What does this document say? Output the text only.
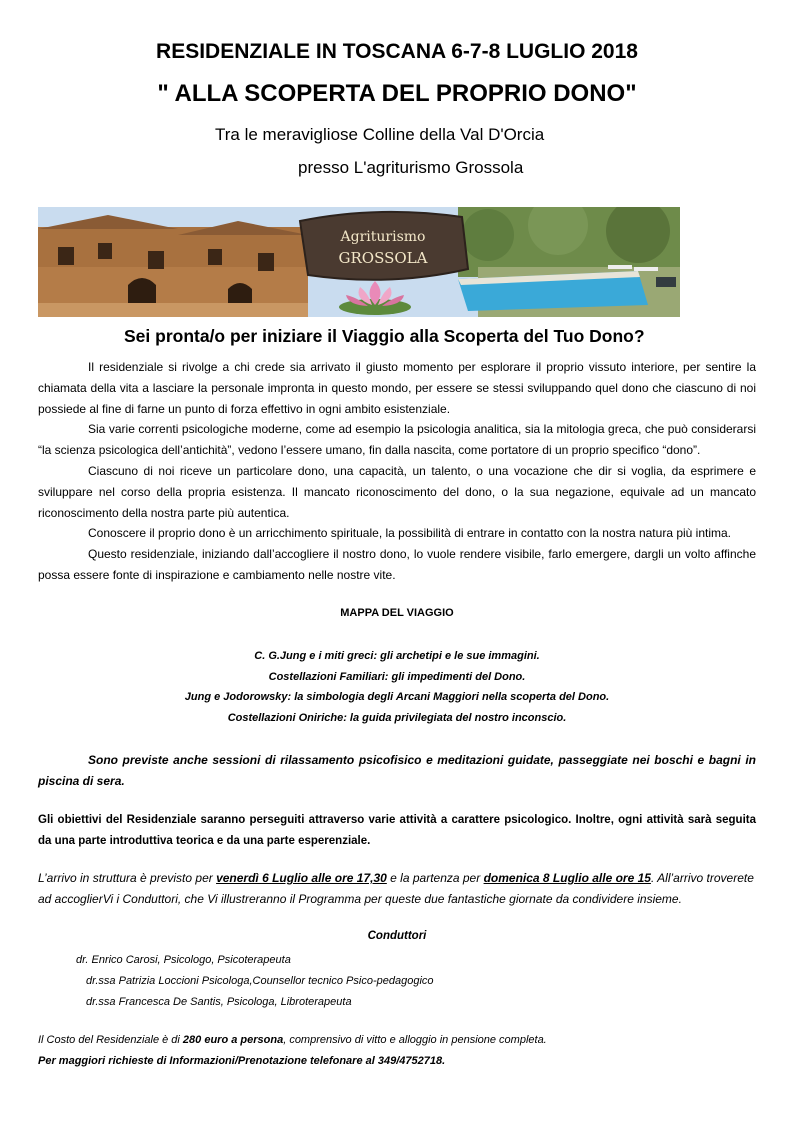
RESIDENZIALE IN TOSCANA 6-7-8 LUGLIO 2018
" ALLA SCOPERTA DEL PROPRIO DONO"
Tra le meravigliose Colline della Val D'Orcia
presso L'agriturismo Grossola
Agriturismo
GROSSOLA
Sei pronta/o per iniziare il Viaggio alla Scoperta del Tuo Dono?

Il residenziale si rivolge a chi crede sia arrivato il giusto momento per esplorare il proprio vissuto interiore, per sentire la chiamata della vita a lasciare la personale impronta in questo mondo, per essere se stessi sviluppando quel dono che ciascuno di noi possiede al fine di farne un punto di forza effettivo in ogni ambito esistenziale.

Sia varie correnti psicologiche moderne, come ad esempio la psicologia analitica, sia la mitologia greca, che può considerarsi “la scienza psicologica dell’antichità”, vedono l’essere umano, fin dalla nascita, come portatore di un proprio specifico “dono”.

Ciascuno di noi riceve un particolare dono, una capacità, un talento, o una vocazione che dir si voglia, da esprimere e sviluppare nel corso della propria esistenza. Il mancato riconoscimento del dono, o la sua negazione, equivale ad un mancato riconoscimento della nostra parte più autentica.

Conoscere il proprio dono è un arricchimento spirituale, la possibilità di entrare in contatto con la nostra natura più intima.

Questo residenziale, iniziando dall’accogliere il nostro dono, lo vuole rendere visibile, farlo emergere, dargli un volto affinche possa essere fonte di inspirazione e cambiamento nelle nostre vite.

MAPPA DEL VIAGGIO
C. G.Jung e i miti greci: gli archetipi e le sue immagini.
Costellazioni Familiari: gli impedimenti del Dono.
Jung e Jodorowsky: la simbologia degli Arcani Maggiori nella scoperta del Dono.
Costellazioni Oniriche: la guida privilegiata del nostro inconscio.
Sono previste anche sessioni di rilassamento psicofisico e meditazioni guidate, passeggiate nei boschi e bagni in piscina di sera.
Gli obiettivi del Residenziale saranno perseguiti attraverso varie attività a carattere psicologico. Inoltre, ogni attività sarà seguita da una parte introduttiva teorica e da una parte esperenziale.
L’arrivo in struttura è previsto per venerdì 6 Luglio alle ore 17,30 e la partenza per domenica 8 Luglio alle ore 15. All’arrivo troverete ad accoglierVi i Conduttori, che Vi illustreranno il Programma per queste due fantastiche giornate da condividere insieme.
Conduttori
dr. Enrico Carosi, Psicologo, Psicoterapeuta
dr.ssa Patrizia Loccioni Psicologa,Counsellor tecnico Psico-pedagogico
dr.ssa Francesca De Santis, Psicologa, Libroterapeuta
Il Costo del Residenziale è di 280 euro a persona, comprensivo di vitto e alloggio in pensione completa.
Per maggiori richieste di Informazioni/Prenotazione telefonare al 349/4752718.
